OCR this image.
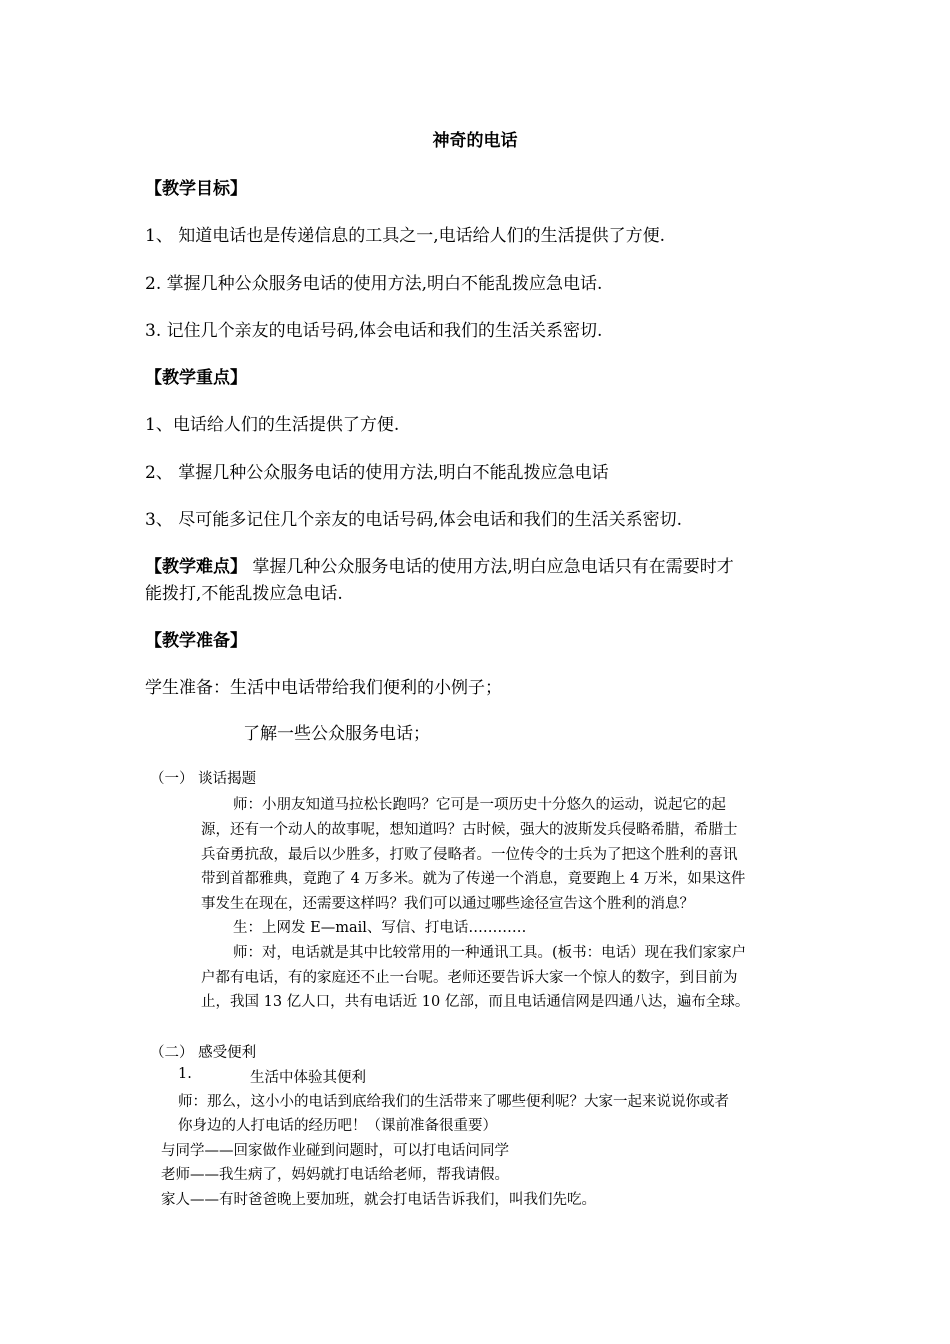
神奇的电话
【教学目标】
1、 知道电话也是传递信息的工具之一,电话给人们的生活提供了方便.
2. 掌握几种公众服务电话的使用方法,明白不能乱拨应急电话.
3. 记住几个亲友的电话号码,体会电话和我们的生活关系密切.
【教学重点】
1、电话给人们的生活提供了方便.
2、 掌握几种公众服务电话的使用方法,明白不能乱拨应急电话
3、 尽可能多记住几个亲友的电话号码,体会电话和我们的生活关系密切.
【教学难点】 掌握几种公众服务电话的使用方法,明白应急电话只有在需要时才
能拨打,不能乱拨应急电话.
【教学准备】
学生准备：生活中电话带给我们便利的小例子；
了解一些公众服务电话；
（一） 谈话揭题
师：小朋友知道马拉松长跑吗？它可是一项历史十分悠久的运动，说起它的起
源，还有一个动人的故事呢，想知道吗？古时候，强大的波斯发兵侵略希腊，希腊士
兵奋勇抗敌，最后以少胜多，打败了侵略者。一位传令的士兵为了把这个胜利的喜讯
带到首都雅典，竟跑了 4 万多米。就为了传递一个消息，竟要跑上 4 万米，如果这件
事发生在现在，还需要这样吗？我们可以通过哪些途径宣告这个胜利的消息？
生：上网发 E—mail、写信、打电话…………
师：对，电话就是其中比较常用的一种通讯工具。(板书：电话）现在我们家家户
户都有电话，有的家庭还不止一台呢。老师还要告诉大家一个惊人的数字，到目前为
止，我国 13 亿人口，共有电话近 10 亿部，而且电话通信网是四通八达，遍布全球。
（二） 感受便利
1.	生活中体验其便利
师：那么，这小小的电话到底给我们的生活带来了哪些便利呢？大家一起来说说你或者
你身边的人打电话的经历吧！（课前准备很重要）
与同学——回家做作业碰到问题时，可以打电话问同学
老师——我生病了，妈妈就打电话给老师，帮我请假。
家人——有时爸爸晚上要加班，就会打电话告诉我们，叫我们先吃。
